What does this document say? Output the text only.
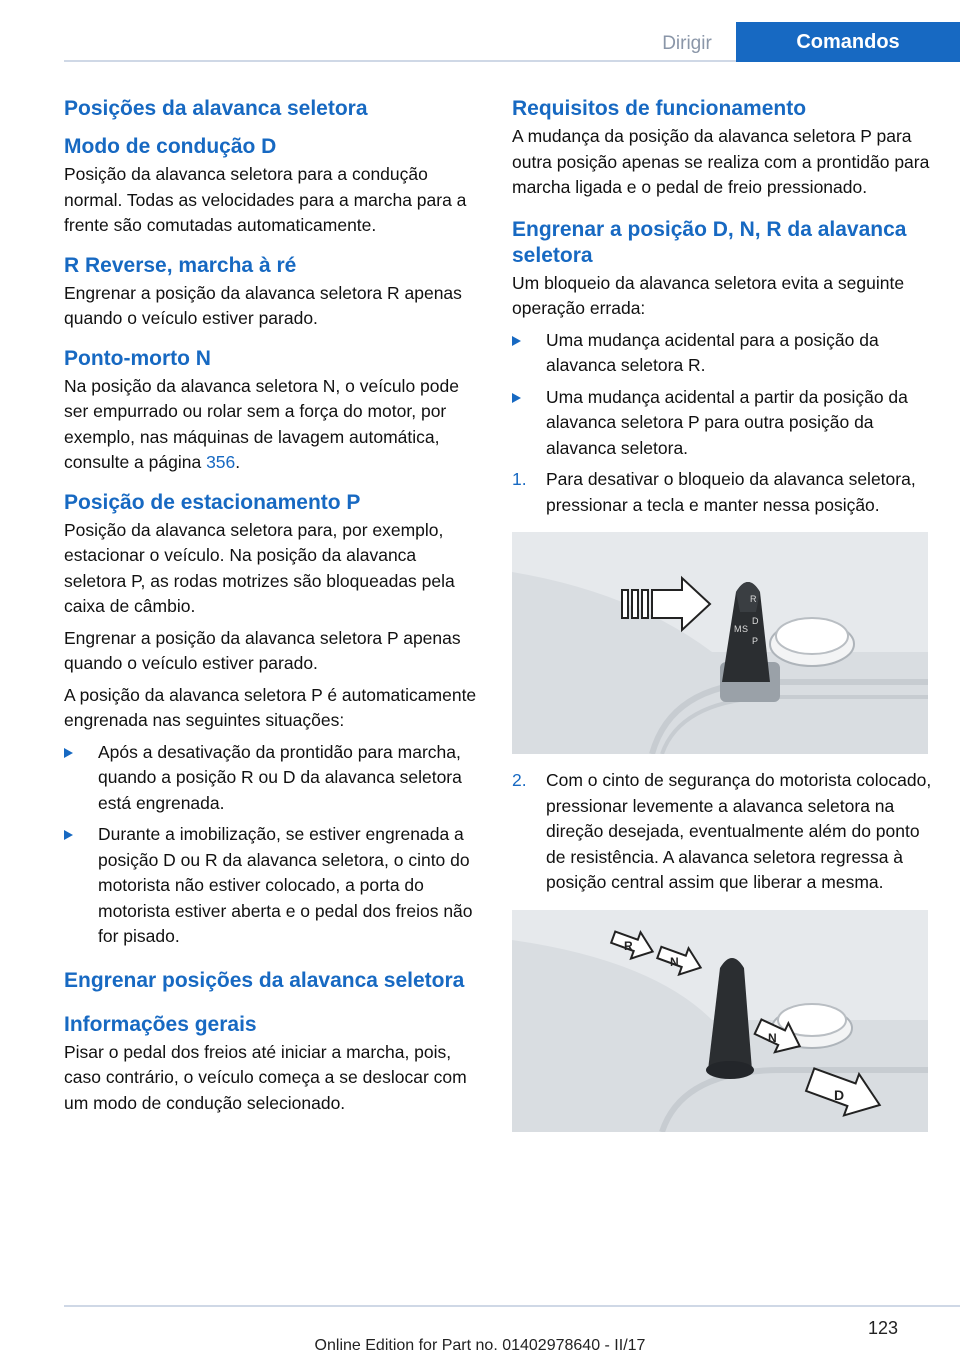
Dirigir	Comandos
Posições da alavanca seletora
Modo de condução D

Posição da alavanca seletora para a condução normal. Todas as velocidades para a marcha para a frente são comutadas automaticamente.

R Reverse, marcha à ré

Engrenar a posição da alavanca seletora R apenas quando o veículo estiver parado.

Ponto-morto N

Na posição da alavanca seletora N, o veículo pode ser empurrado ou rolar sem a força do motor, por exemplo, nas máquinas de lavagem automática, consulte a página 356.

Posição de estacionamento P

Posição da alavanca seletora para, por exemplo, estacionar o veículo. Na posição da alavanca seletora P, as rodas motrizes são bloqueadas pela caixa de câmbio.

Engrenar a posição da alavanca seletora P apenas quando o veículo estiver parado.

A posição da alavanca seletora P é automaticamente engrenada nas seguintes situações:

Após a desativação da prontidão para marcha, quando a posição R ou D da alavanca seletora está engrenada.
Durante a imobilização, se estiver engrenada a posição D ou R da alavanca seletora, o cinto do motorista não estiver colocado, a porta do motorista estiver aberta e o pedal dos freios não for pisado.
Engrenar posições da alavanca seletora
Informações gerais

Pisar o pedal dos freios até iniciar a marcha, pois, caso contrário, o veículo começa a se deslocar com um modo de condução selecionado.

Requisitos de funcionamento

A mudança da posição da alavanca seletora P para outra posição apenas se realiza com a prontidão para marcha ligada e o pedal de freio pressionado.

Engrenar a posição D, N, R da alavanca seletora

Um bloqueio da alavanca seletora evita a seguinte operação errada:

Uma mudança acidental para a posição da alavanca seletora R.
Uma mudança acidental a partir da posição da alavanca seletora P para outra posição da alavanca seletora.
1.	Para desativar o bloqueio da alavanca seletora, pressionar a tecla e manter nessa posição.
M S
D
R
P
2.	Com o cinto de segurança do motorista colocado, pressionar levemente a alavanca seletora na direção desejada, eventualmente além do ponto de resistência. A alavanca seletora regressa à posição central assim que liberar a mesma.
R
N
N
D
123
Online Edition for Part no. 01402978640 - II/17
